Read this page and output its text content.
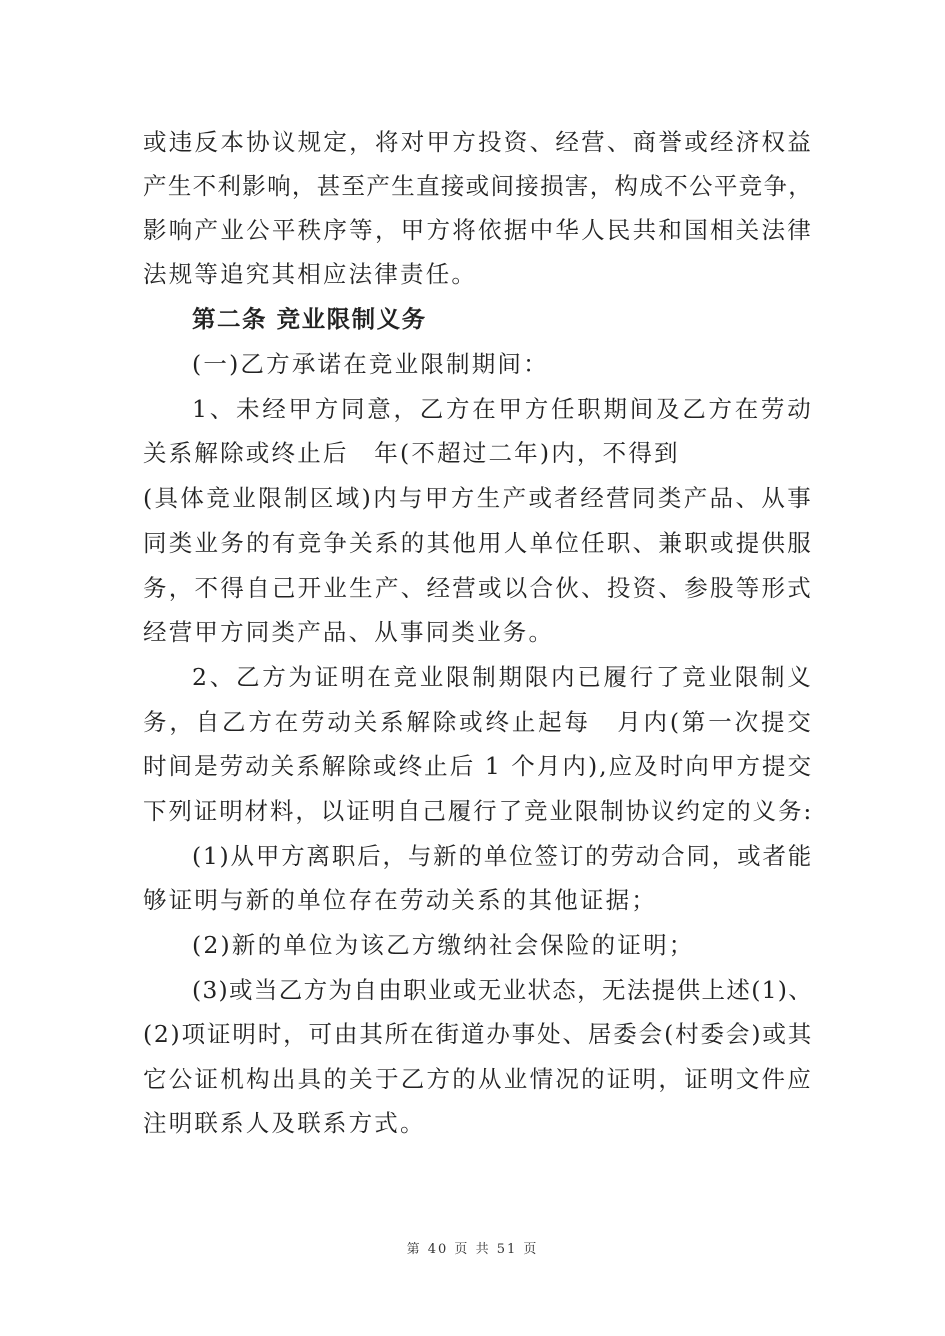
或违反本协议规定，将对甲方投资、经营、商誉或经济权益
产生不利影响，甚至产生直接或间接损害，构成不公平竞争，
影响产业公平秩序等，甲方将依据中华人民共和国相关法律
法规等追究其相应法律责任。
第二条 竞业限制义务
(一)乙方承诺在竞业限制期间：
1、未经甲方同意，乙方在甲方任职期间及乙方在劳动
关系解除或终止后　年(不超过二年)内，不得到
(具体竞业限制区域)内与甲方生产或者经营同类产品、从事
同类业务的有竞争关系的其他用人单位任职、兼职或提供服
务，不得自己开业生产、经营或以合伙、投资、参股等形式
经营甲方同类产品、从事同类业务。
2、乙方为证明在竞业限制期限内已履行了竞业限制义
务，自乙方在劳动关系解除或终止起每　月内(第一次提交
时间是劳动关系解除或终止后 1 个月内),应及时向甲方提交
下列证明材料，以证明自己履行了竞业限制协议约定的义务:
(1)从甲方离职后，与新的单位签订的劳动合同，或者能
够证明与新的单位存在劳动关系的其他证据；
(2)新的单位为该乙方缴纳社会保险的证明；
(3)或当乙方为自由职业或无业状态，无法提供上述(1)、
(2)项证明时，可由其所在街道办事处、居委会(村委会)或其
它公证机构出具的关于乙方的从业情况的证明，证明文件应
注明联系人及联系方式。
第 40 页 共 51 页
